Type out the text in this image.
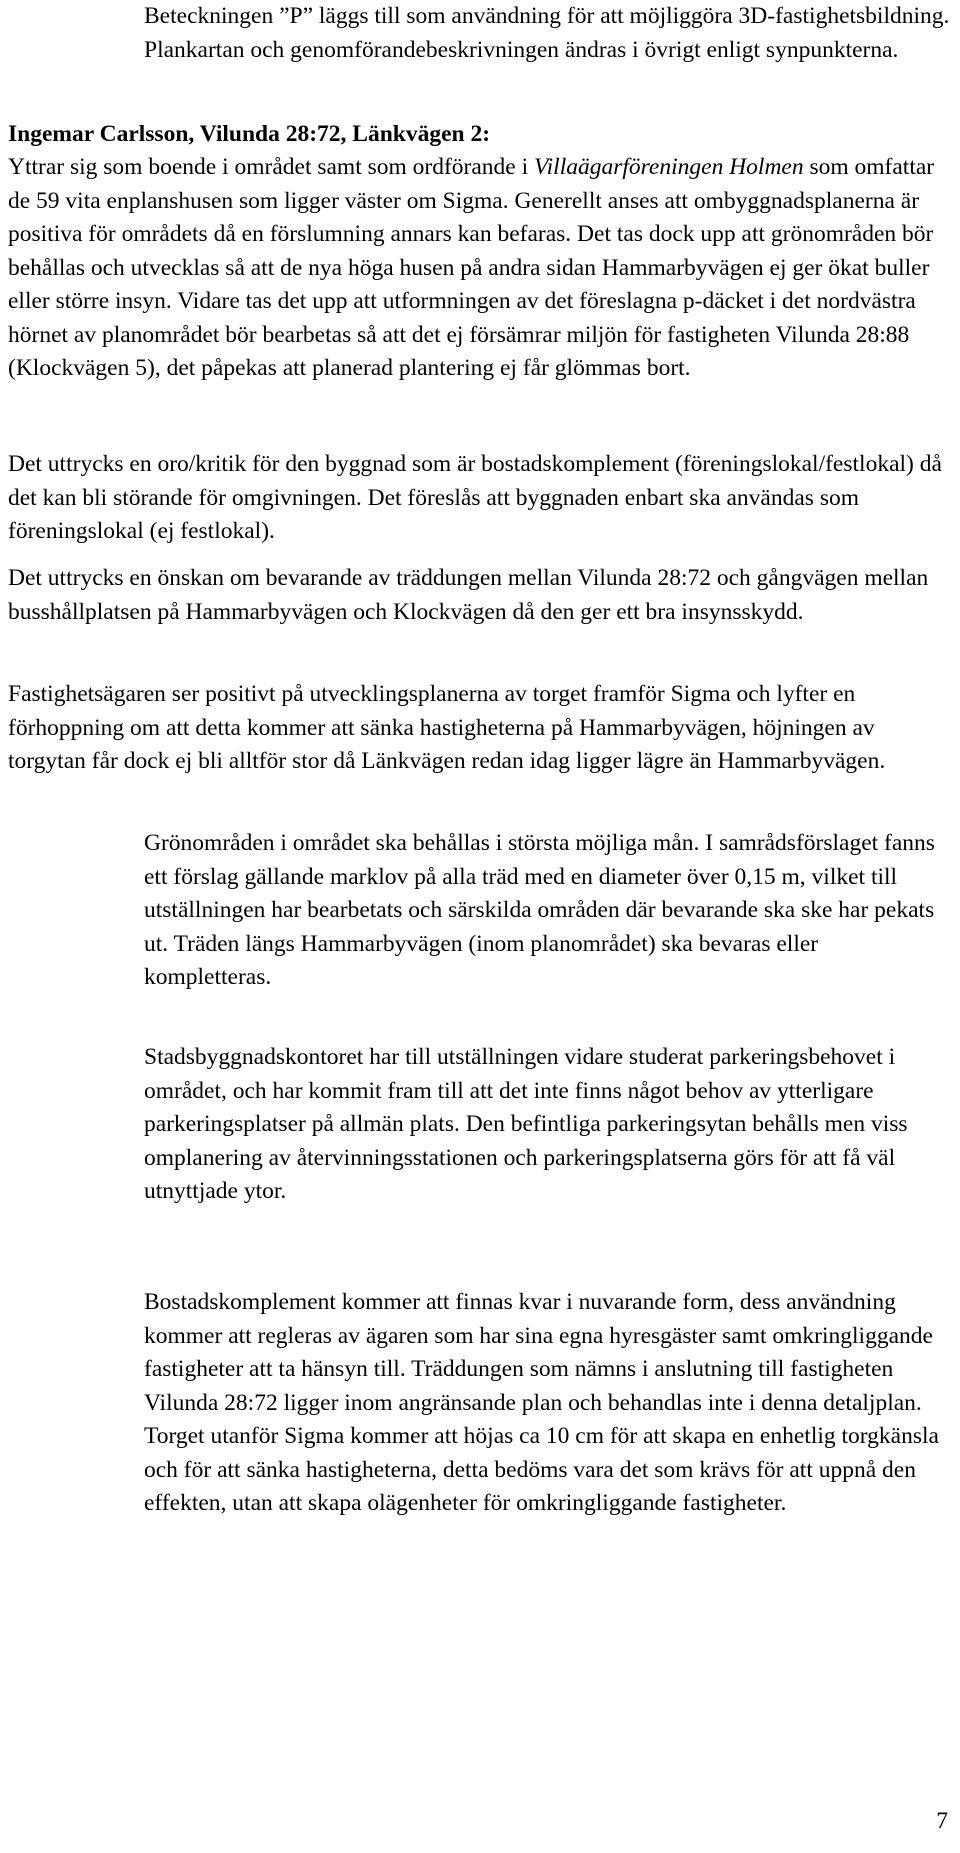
Beteckningen ”P” läggs till som användning för att möjliggöra 3D-fastighetsbildning. Plankartan och genomförandebeskrivningen ändras i övrigt enligt synpunkterna.

Ingemar Carlsson, Vilunda 28:72, Länkvägen 2:

Yttrar sig som boende i området samt som ordförande i Villaägarföreningen Holmen som omfattar de 59 vita enplanshusen som ligger väster om Sigma. Generellt anses att ombyggnadsplanerna är positiva för områdets då en förslumning annars kan befaras. Det tas dock upp att grönområden bör behållas och utvecklas så att de nya höga husen på andra sidan Hammarbyvägen ej ger ökat buller eller större insyn. Vidare tas det upp att utformningen av det föreslagna p-däcket i det nordvästra hörnet av planområdet bör bearbetas så att det ej försämrar miljön för fastigheten Vilunda 28:88 (Klockvägen 5), det påpekas att planerad plantering ej får glömmas bort.

Det uttrycks en oro/kritik för den byggnad som är bostadskomplement (föreningslokal/festlokal) då det kan bli störande för omgivningen. Det föreslås att byggnaden enbart ska användas som föreningslokal (ej festlokal).

Det uttrycks en önskan om bevarande av träddungen mellan Vilunda 28:72 och gångvägen mellan busshållplatsen på Hammarbyvägen och Klockvägen då den ger ett bra insynsskydd.

Fastighetsägaren ser positivt på utvecklingsplanerna av torget framför Sigma och lyfter en förhoppning om att detta kommer att sänka hastigheterna på Hammarbyvägen, höjningen av torgytan får dock ej bli alltför stor då Länkvägen redan idag ligger lägre än Hammarbyvägen.

Grönområden i området ska behållas i största möjliga mån. I samrådsförslaget fanns ett förslag gällande marklov på alla träd med en diameter över 0,15 m, vilket till utställningen har bearbetats och särskilda områden där bevarande ska ske har pekats ut. Träden längs Hammarbyvägen (inom planområdet) ska bevaras eller kompletteras.

Stadsbyggnadskontoret har till utställningen vidare studerat parkeringsbehovet i området, och har kommit fram till att det inte finns något behov av ytterligare parkeringsplatser på allmän plats. Den befintliga parkeringsytan behålls men viss omplanering av återvinningsstationen och parkeringsplatserna görs för att få väl utnyttjade ytor.

Bostadskomplement kommer att finnas kvar i nuvarande form, dess användning kommer att regleras av ägaren som har sina egna hyresgäster samt omkringliggande fastigheter att ta hänsyn till. Träddungen som nämns i anslutning till fastigheten Vilunda 28:72 ligger inom angränsande plan och behandlas inte i denna detaljplan. Torget utanför Sigma kommer att höjas ca 10 cm för att skapa en enhetlig torgkänsla och för att sänka hastigheterna, detta bedöms vara det som krävs för att uppnå den effekten, utan att skapa olägenheter för omkringliggande fastigheter.

7
